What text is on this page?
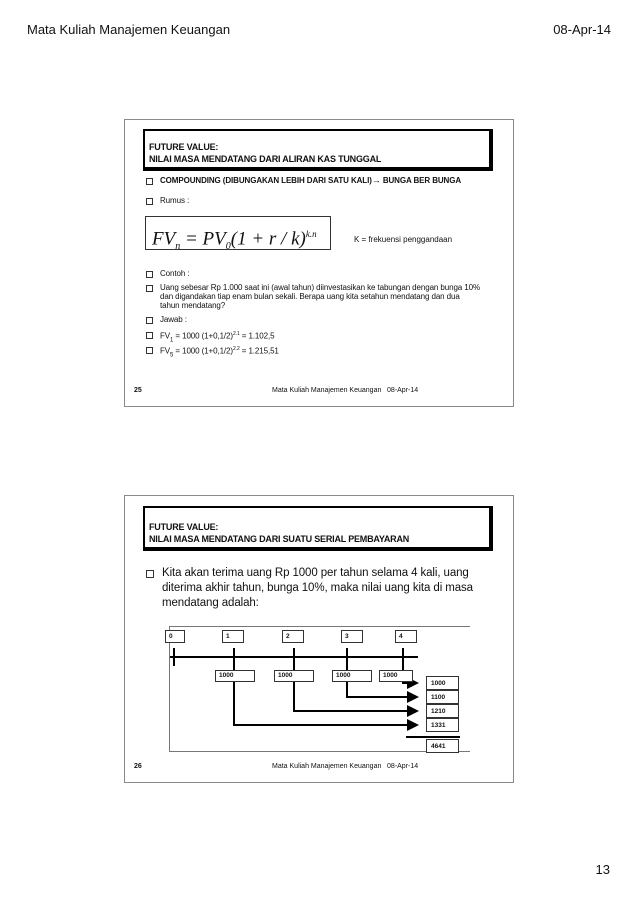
Mata Kuliah Manajemen Keuangan	08-Apr-14
FUTURE VALUE:
NILAI MASA MENDATANG DARI ALIRAN KAS TUNGGAL
COMPOUNDING (DIBUNGAKAN LEBIH DARI SATU KALI)→ BUNGA BER BUNGA
Rumus :
$FV_n = PV_0(1 + r / k)^{k.n}$
K = frekuensi penggandaan
Contoh :
Uang sebesar Rp 1.000 saat ini (awal tahun) diinvestasikan ke tabungan dengan bunga 10% dan digandakan tiap enam bulan sekali. Berapa uang kita setahun mendatang dan dua tahun mendatang?
Jawab :
$FV_1 = 1000$ $(1+0,1/2)^{2.1} = 1.102,5$
$FV_5 = 1000$ $(1+0,1/2)^{2.2} = 1.215,51$
25	Mata Kuliah Manajemen Keuangan 08-Apr-14
FUTURE VALUE:
NILAI MASA MENDATANG DARI SUATU SERIAL PEMBAYARAN
Kita akan terima uang Rp 1000 per tahun selama 4 kali, uang diterima akhir tahun, bunga 10%, maka nilai uang kita di masa mendatang adalah:
0	1	2	3	4
1000	1000	1000	1000
1000
1100
1210
1331
4641
26	Mata Kuliah Manajemen Keuangan 08-Apr-14
13
